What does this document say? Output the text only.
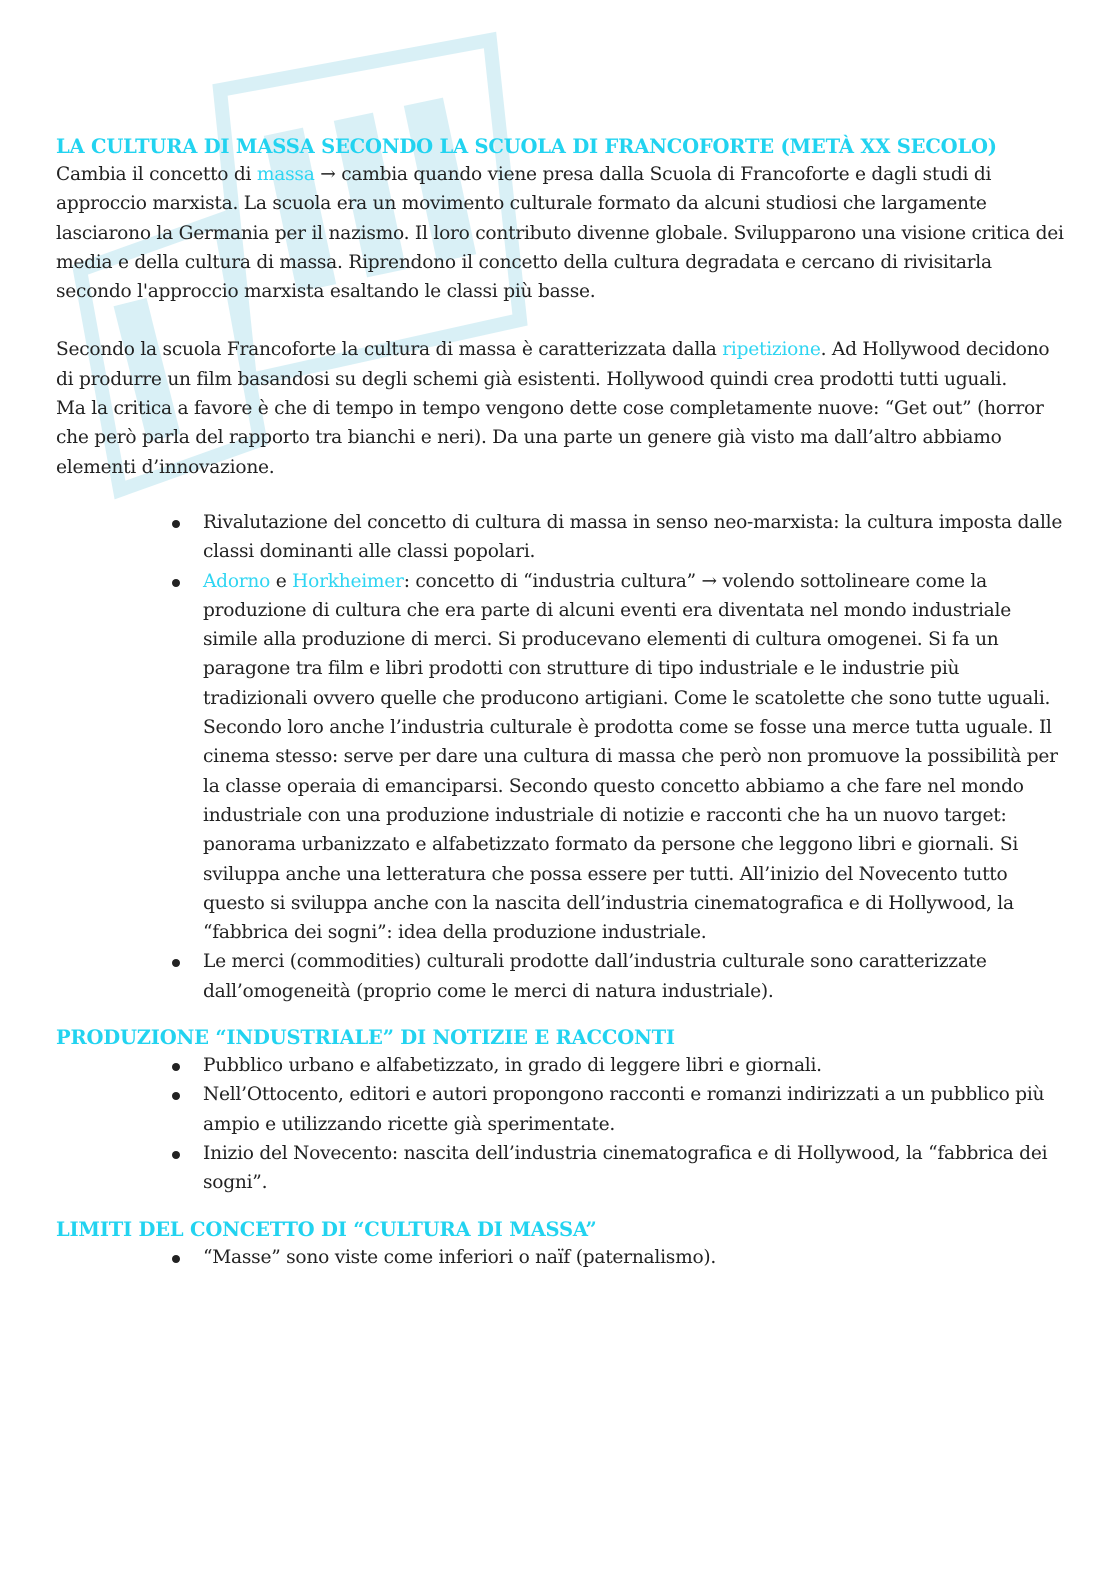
LA CULTURA DI MASSA SECONDO LA SCUOLA DI FRANCOFORTE (METÀ XX SECOLO)

Cambia il concetto di massa → cambia quando viene presa dalla Scuola di Francoforte e dagli studi di approccio marxista. La scuola era un movimento culturale formato da alcuni studiosi che largamente lasciarono la Germania per il nazismo. Il loro contributo divenne globale. Svilupparono una visione critica dei media e della cultura di massa. Riprendono il concetto della cultura degradata e cercano di rivisitarla secondo l'approccio marxista esaltando le classi più basse.

Secondo la scuola Francoforte la cultura di massa è caratterizzata dalla ripetizione. Ad Hollywood decidono di produrre un film basandosi su degli schemi già esistenti. Hollywood quindi crea prodotti tutti uguali.

Ma la critica a favore è che di tempo in tempo vengono dette cose completamente nuove: “Get out” (horror che però parla del rapporto tra bianchi e neri). Da una parte un genere già visto ma dall’altro abbiamo elementi d’innovazione.

Rivalutazione del concetto di cultura di massa in senso neo-marxista: la cultura imposta dalle classi dominanti alle classi popolari.
Adorno e Horkheimer: concetto di “industria cultura” → volendo sottolineare come la produzione di cultura che era parte di alcuni eventi era diventata nel mondo industriale simile alla produzione di merci. Si producevano elementi di cultura omogenei. Si fa un paragone tra film e libri prodotti con strutture di tipo industriale e le industrie più tradizionali ovvero quelle che producono artigiani. Come le scatolette che sono tutte uguali. Secondo loro anche l’industria culturale è prodotta come se fosse una merce tutta uguale. Il cinema stesso: serve per dare una cultura di massa che però non promuove la possibilità per la classe operaia di emanciparsi. Secondo questo concetto abbiamo a che fare nel mondo industriale con una produzione industriale di notizie e racconti che ha un nuovo target: panorama urbanizzato e alfabetizzato formato da persone che leggono libri e giornali. Si sviluppa anche una letteratura che possa essere per tutti. All’inizio del Novecento tutto questo si sviluppa anche con la nascita dell’industria cinematografica e di Hollywood, la “fabbrica dei sogni”: idea della produzione industriale.
Le merci (commodities) culturali prodotte dall’industria culturale sono caratterizzate dall’omogeneità (proprio come le merci di natura industriale).
PRODUZIONE “INDUSTRIALE” DI NOTIZIE E RACCONTI
Pubblico urbano e alfabetizzato, in grado di leggere libri e giornali.
Nell’Ottocento, editori e autori propongono racconti e romanzi indirizzati a un pubblico più ampio e utilizzando ricette già sperimentate.
Inizio del Novecento: nascita dell’industria cinematografica e di Hollywood, la “fabbrica dei sogni”.
LIMITI DEL CONCETTO DI “CULTURA DI MASSA”
“Masse” sono viste come inferiori o naïf (paternalismo).
